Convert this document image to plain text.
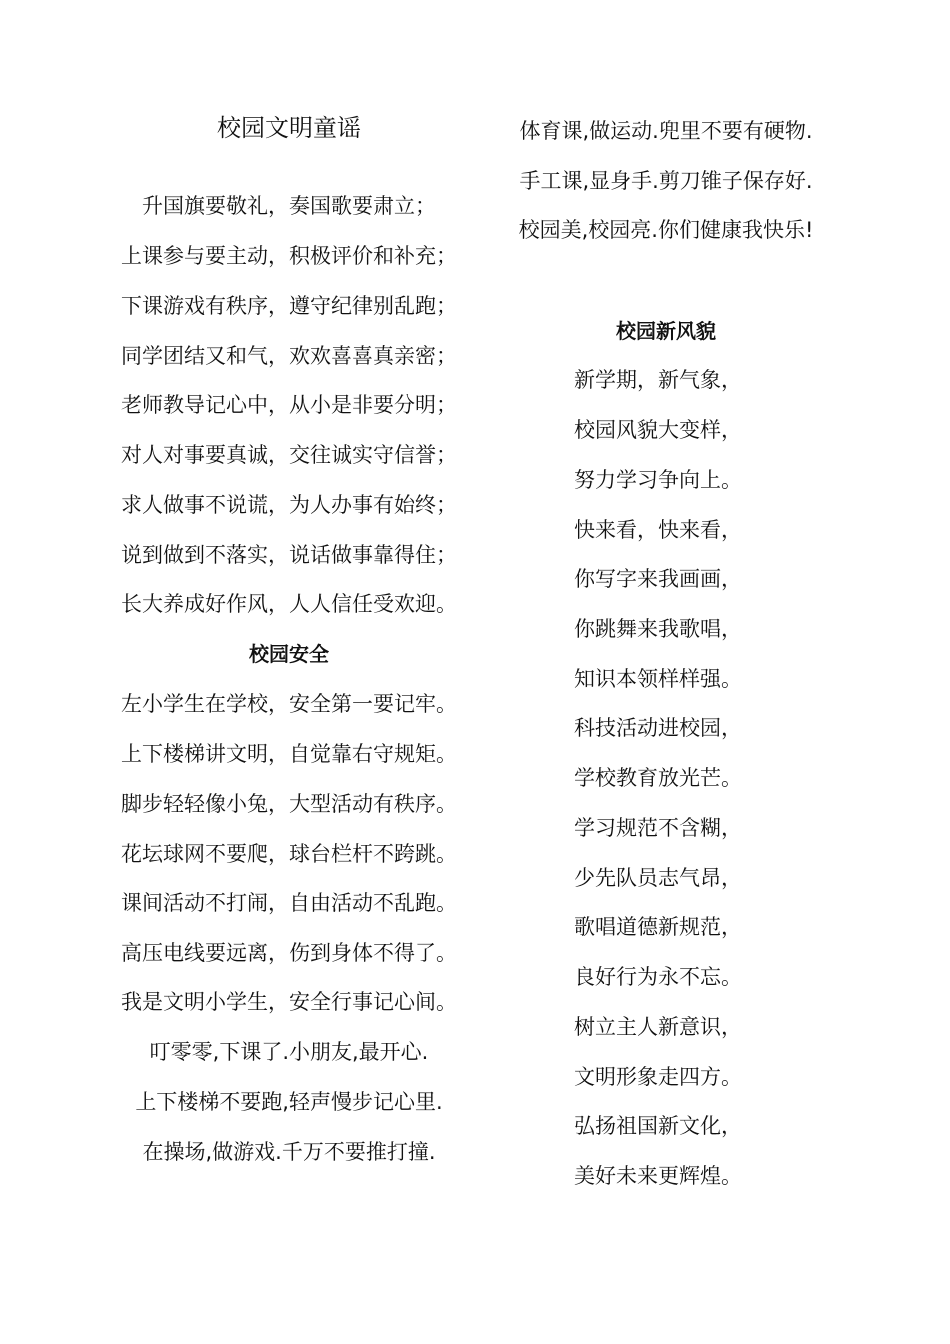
校园文明童谣
升国旗要敬礼，奏国歌要肃立；
上课参与要主动，积极评价和补充；
下课游戏有秩序，遵守纪律别乱跑；
同学团结又和气，欢欢喜喜真亲密；
老师教导记心中，从小是非要分明；
对人对事要真诚，交往诚实守信誉；
求人做事不说谎，为人办事有始终；
说到做到不落实，说话做事靠得住；
长大养成好作风，人人信任受欢迎。
校园安全
左小学生在学校，安全第一要记牢。
上下楼梯讲文明，自觉靠右守规矩。
脚步轻轻像小兔，大型活动有秩序。
花坛球网不要爬，球台栏杆不跨跳。
课间活动不打闹，自由活动不乱跑。
高压电线要远离，伤到身体不得了。
我是文明小学生，安全行事记心间。
叮零零,下课了.小朋友,最开心.
上下楼梯不要跑,轻声慢步记心里.
在操场,做游戏.千万不要推打撞.
体育课,做运动.兜里不要有硬物.
手工课,显身手.剪刀锥子保存好.
校园美,校园亮.你们健康我快乐!
校园新风貌
新学期，新气象，
校园风貌大变样，
努力学习争向上。
快来看，快来看，
你写字来我画画，
你跳舞来我歌唱，
知识本领样样强。
科技活动进校园，
学校教育放光芒。
学习规范不含糊，
少先队员志气昂，
歌唱道德新规范，
良好行为永不忘。
树立主人新意识，
文明形象走四方。
弘扬祖国新文化，
美好未来更辉煌。
